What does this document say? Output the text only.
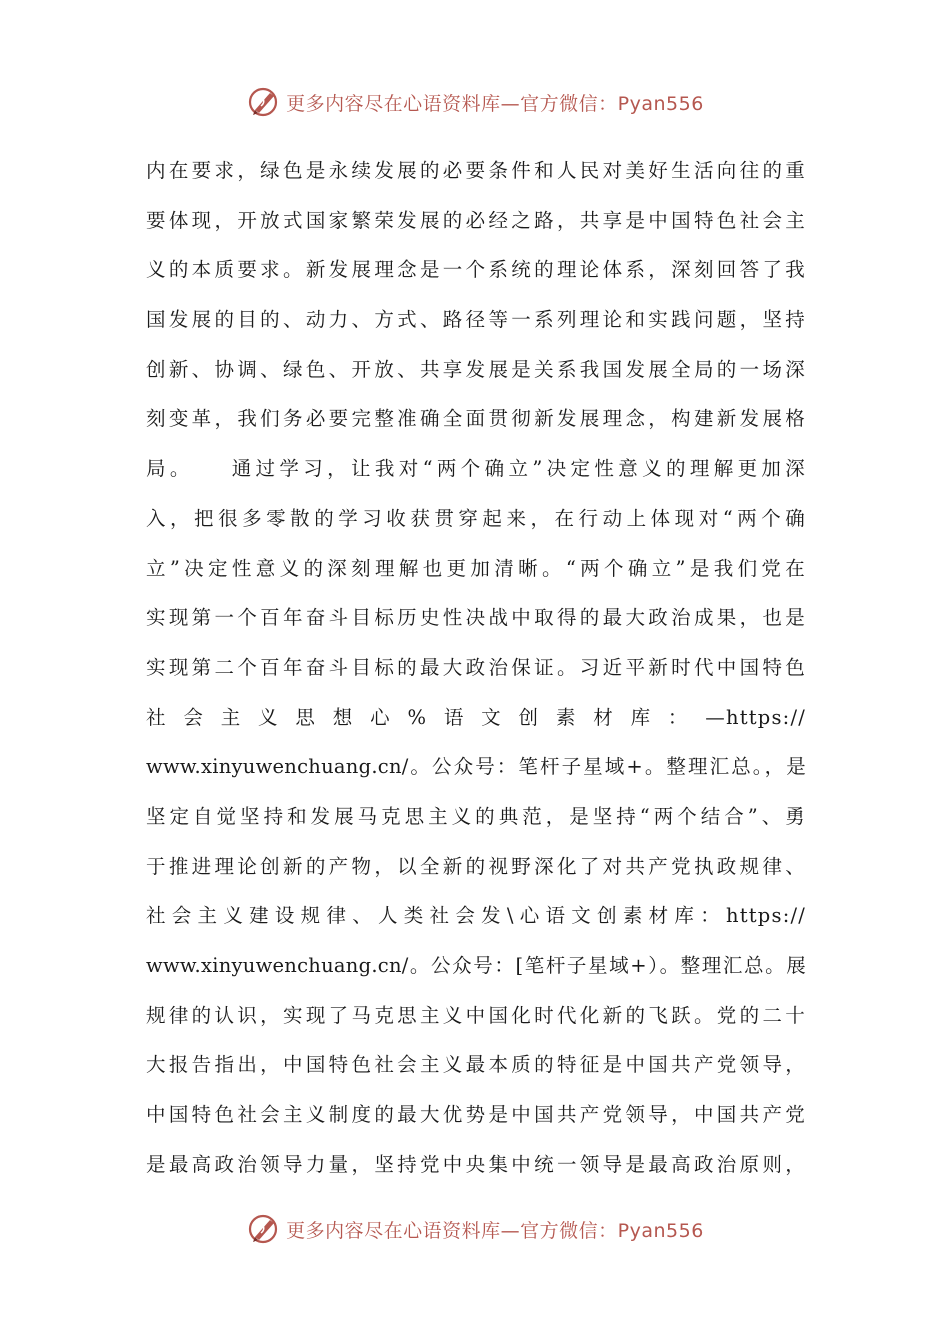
更多内容尽在心语资料库—官方微信：Pyan556
内在要求，绿色是永续发展的必要条件和人民对美好生活向往的重
要体现，开放式国家繁荣发展的必经之路，共享是中国特色社会主
义的本质要求。新发展理念是一个系统的理论体系，深刻回答了我
国发展的目的、动力、方式、路径等一系列理论和实践问题，坚持
创新、协调、绿色、开放、共享发展是关系我国发展全局的一场深
刻变革，我们务必要完整准确全面贯彻新发展理念，构建新发展格
局。　　通过学习，让我对“两个确立”决定性意义的理解更加深
入，把很多零散的学习收获贯穿起来，在行动上体现对“两个确
立”决定性意义的深刻理解也更加清晰。“两个确立”是我们党在
实现第一个百年奋斗目标历史性决战中取得的最大政治成果，也是
实现第二个百年奋斗目标的最大政治保证。习近平新时代中国特色
社会主义思想心%语文创素材库：—https://
www.xinyuwenchuang.cn/。公众号：笔杆子星域+。整理汇总。，是
坚定自觉坚持和发展马克思主义的典范，是坚持“两个结合”、勇
于推进理论创新的产物，以全新的视野深化了对共产党执政规律、
社会主义建设规律、人类社会发\心语文创素材库：https://
www.xinyuwenchuang.cn/。公众号：[笔杆子星域+）。整理汇总。展
规律的认识，实现了马克思主义中国化时代化新的飞跃。党的二十
大报告指出，中国特色社会主义最本质的特征是中国共产党领导，
中国特色社会主义制度的最大优势是中国共产党领导，中国共产党
是最高政治领导力量，坚持党中央集中统一领导是最高政治原则，
更多内容尽在心语资料库—官方微信：Pyan556
